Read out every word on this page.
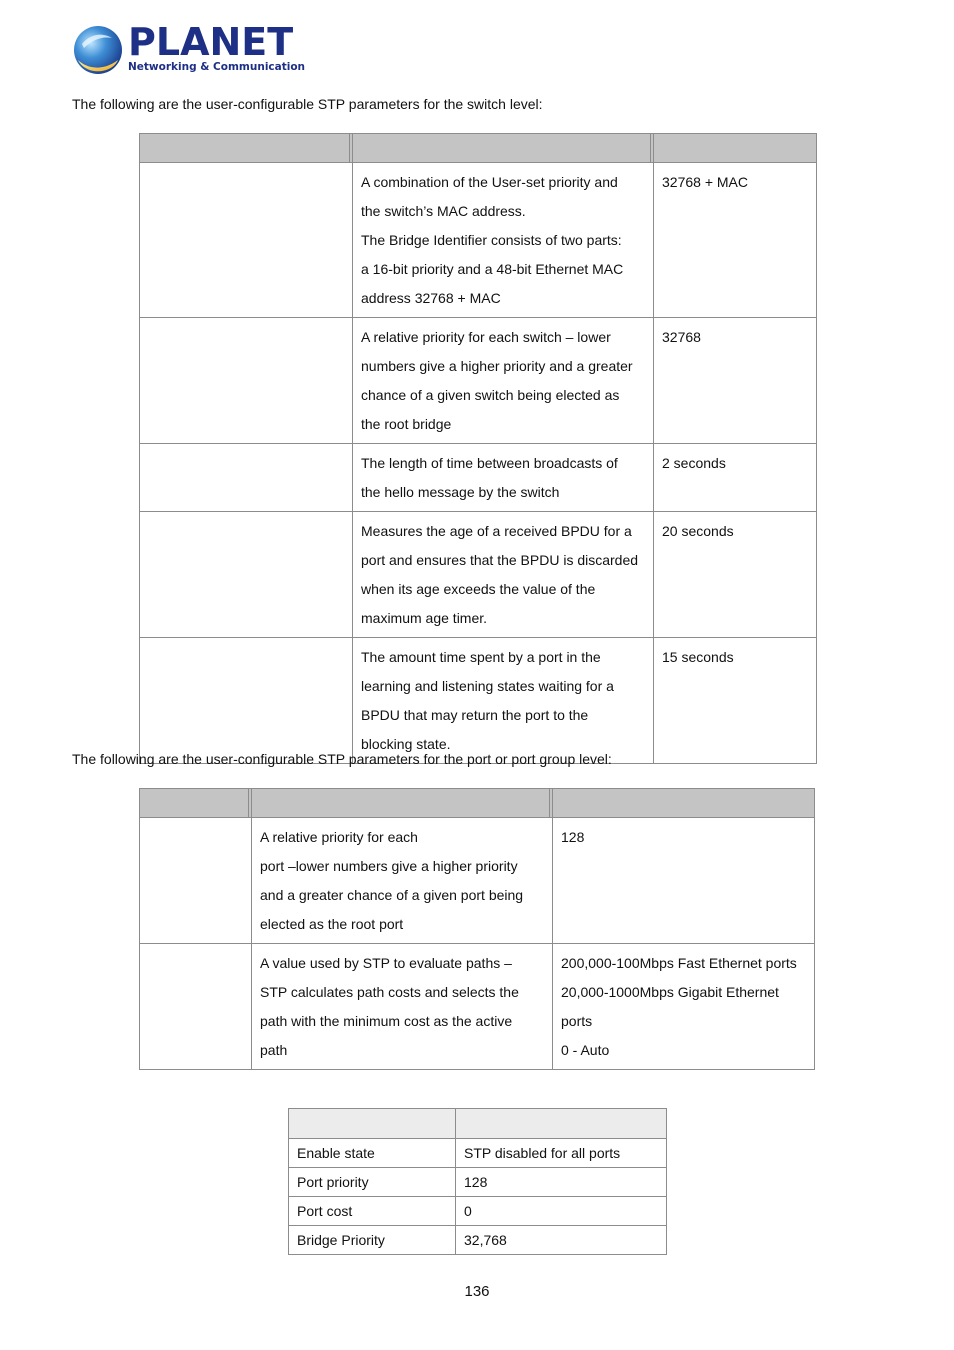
PLANET
Networking & Communication
The following are the user-configurable STP parameters for the switch level:

	A combination of the User-set priority and
the switch’s MAC address.
The Bridge Identifier consists of two parts:
a 16-bit priority and a 48-bit Ethernet MAC
address 32768 + MAC	32768 + MAC

	A relative priority for each switch – lower
numbers give a higher priority and a greater
chance of a given switch being elected as
the root bridge	32768

	The length of time between broadcasts of
the hello message by the switch	2 seconds

	Measures the age of a received BPDU for a
port and ensures that the BPDU is discarded
when its age exceeds the value of the
maximum age timer.	20 seconds

	The amount time spent by a port in the
learning and listening states waiting for a
BPDU that may return the port to the
blocking state.	15 seconds
The following are the user-configurable STP parameters for the port or port group level:

	A relative priority for each
port –lower numbers give a higher priority
and a greater chance of a given port being
elected as the root port	128

	A value used by STP to evaluate paths –
STP calculates path costs and selects the
path with the minimum cost as the active
path	200,000-100Mbps Fast Ethernet ports
20,000-1000Mbps Gigabit Ethernet
ports
0 - Auto

Enable state	STP disabled for all ports
Port priority	128
Port cost	0
Bridge Priority	32,768
136
